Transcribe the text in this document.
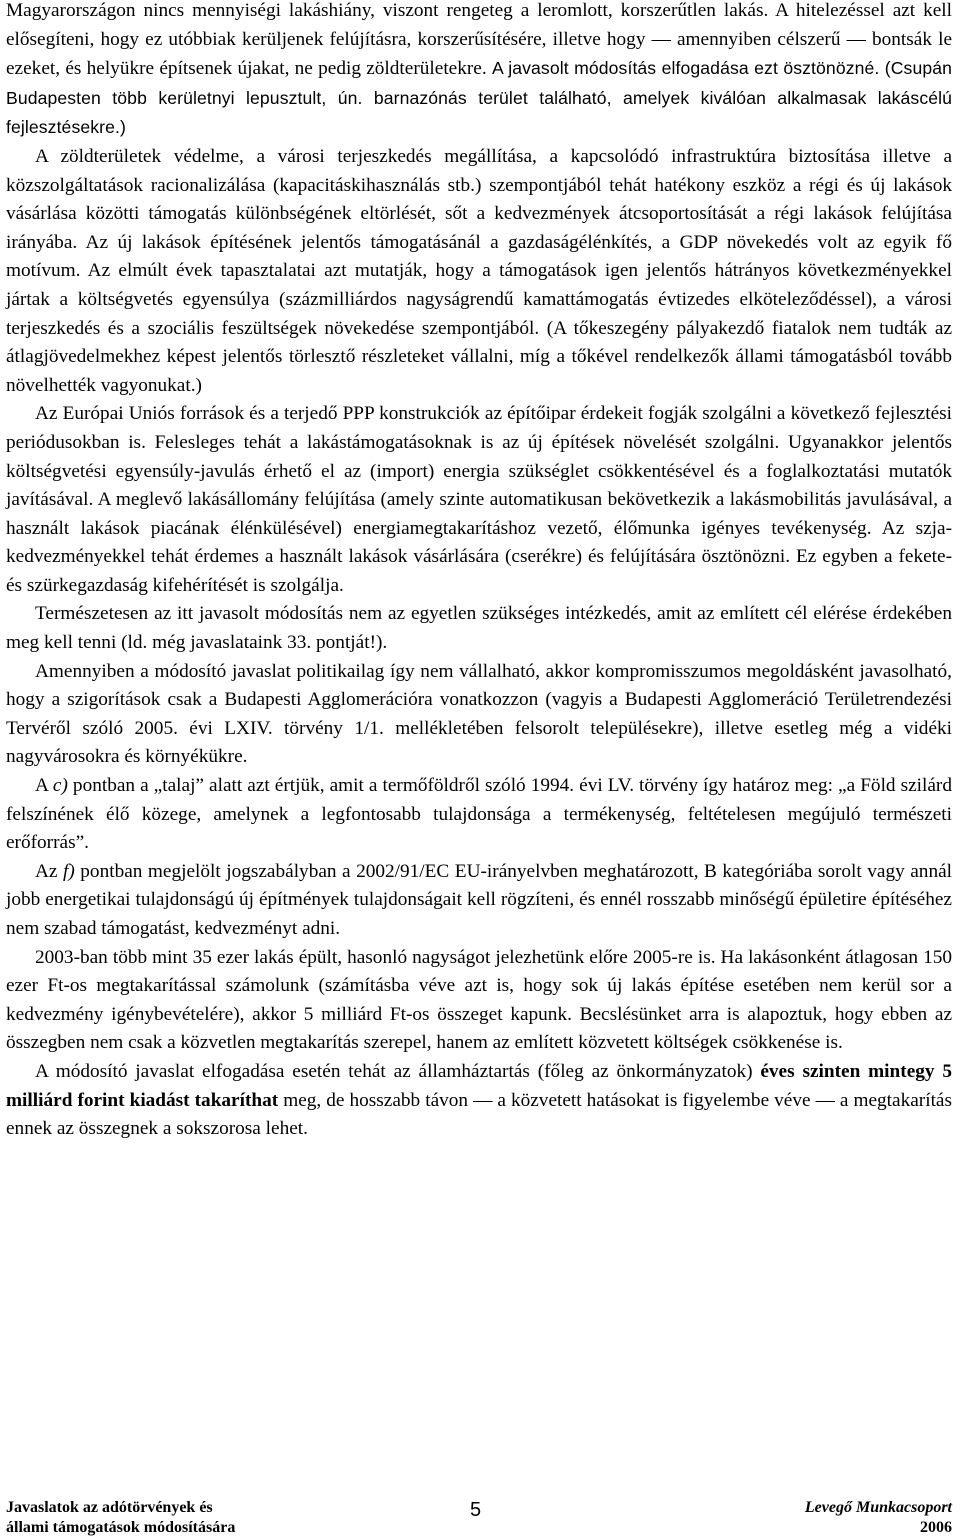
Magyarországon nincs mennyiségi lakáshiány, viszont rengeteg a leromlott, korszerűtlen lakás. A hitelezéssel azt kell elősegíteni, hogy ez utóbbiak kerüljenek felújításra, korszerűsítésére, illetve hogy — amennyiben célszerű — bontsák le ezeket, és helyükre építsenek újakat, ne pedig zöldterületekre. A javasolt módosítás elfogadása ezt ösztönözné. (Csupán Budapesten több kerületnyi lepusztult, ún. barnazónás terület található, amelyek kiválóan alkalmasak lakáscélú fejlesztésekre.)

A zöldterületek védelme, a városi terjeszkedés megállítása, a kapcsolódó infrastruktúra biztosítása illetve a közszolgáltatások racionalizálása (kapacitáskihasználás stb.) szempontjából tehát hatékony eszköz a régi és új lakások vásárlása közötti támogatás különbségének eltörlését, sőt a kedvezmények átcsoportosítását a régi lakások felújítása irányába. Az új lakások építésének jelentős támogatásánál a gazdaságélénkítés, a GDP növekedés volt az egyik fő motívum. Az elmúlt évek tapasztalatai azt mutatják, hogy a támogatások igen jelentős hátrányos következményekkel jártak a költségvetés egyensúlya (százmilliárdos nagyságrendű kamattámogatás évtizedes elköteleződéssel), a városi terjeszkedés és a szociális feszültségek növekedése szempontjából. (A tőkeszegény pályakezdő fiatalok nem tudták az átlagjövedelmekhez képest jelentős törlesztő részleteket vállalni, míg a tőkével rendelkezők állami támogatásból tovább növelhették vagyonukat.)

Az Európai Uniós források és a terjedő PPP konstrukciók az építőipar érdekeit fogják szolgálni a következő fejlesztési periódusokban is. Felesleges tehát a lakástámogatásoknak is az új építések növelését szolgálni. Ugyanakkor jelentős költségvetési egyensúly-javulás érhető el az (import) energia szükséglet csökkentésével és a foglalkoztatási mutatók javításával. A meglevő lakásállomány felújítása (amely szinte automatikusan bekövetkezik a lakásmobilitás javulásával, a használt lakások piacának élénkülésével) energiamegtakarításhoz vezető, élőmunka igényes tevékenység. Az szja-kedvezményekkel tehát érdemes a használt lakások vásárlására (cserékre) és felújítására ösztönözni. Ez egyben a fekete- és szürkegazdaság kifehérítését is szolgálja.

Természetesen az itt javasolt módosítás nem az egyetlen szükséges intézkedés, amit az említett cél elérése érdekében meg kell tenni (ld. még javaslataink 33. pontját!).

Amennyiben a módosító javaslat politikailag így nem vállalható, akkor kompromisszumos megoldásként javasolható, hogy a szigorítások csak a Budapesti Agglomerációra vonatkozzon (vagyis a Budapesti Agglomeráció Területrendezési Tervéről szóló 2005. évi LXIV. törvény 1/1. mellékletében felsorolt településekre), illetve esetleg még a vidéki nagyvárosokra és környékükre.

A c) pontban a „talaj” alatt azt értjük, amit a termőföldről szóló 1994. évi LV. törvény így határoz meg: „a Föld szilárd felszínének élő közege, amelynek a legfontosabb tulajdonsága a termékenység, feltételesen megújuló természeti erőforrás”.

Az f) pontban megjelölt jogszabályban a 2002/91/EC EU-irányelvben meghatározott, B kategóriába sorolt vagy annál jobb energetikai tulajdonságú új építmények tulajdonságait kell rögzíteni, és ennél rosszabb minőségű épületire építéséhez nem szabad támogatást, kedvezményt adni.

2003-ban több mint 35 ezer lakás épült, hasonló nagyságot jelezhetünk előre 2005-re is. Ha lakásonként átlagosan 150 ezer Ft-os megtakarítással számolunk (számításba véve azt is, hogy sok új lakás építése esetében nem kerül sor a kedvezmény igénybevételére), akkor 5 milliárd Ft-os összeget kapunk. Becslésünket arra is alapoztuk, hogy ebben az összegben nem csak a közvetlen megtakarítás szerepel, hanem az említett közvetett költségek csökkenése is.

A módosító javaslat elfogadása esetén tehát az államháztartás (főleg az önkormányzatok) éves szinten mintegy 5 milliárd forint kiadást takaríthat meg, de hosszabb távon — a közvetett hatásokat is figyelembe véve — a megtakarítás ennek az összegnek a sokszorosa lehet.

Javaslatok az adótörvények és
állami támogatások módosítására
5	Levegő Munkacsoport
2006
